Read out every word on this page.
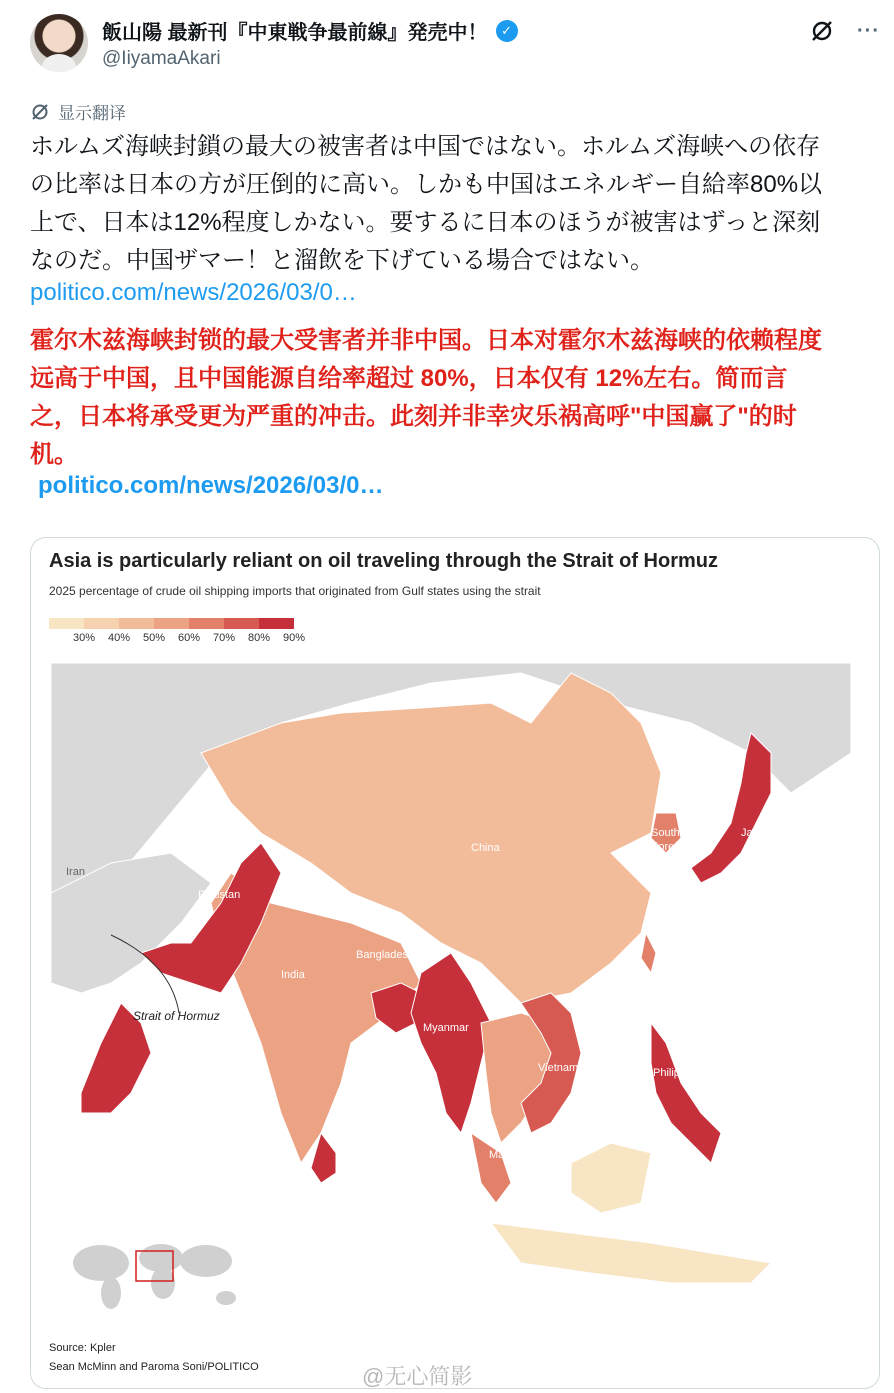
飯山陽 最新刊『中東戦争最前線』発売中！	✓
@IiyamaAkari
···
显示翻译
ホルムズ海峡封鎖の最大の被害者は中国ではない。ホルムズ海峡への依存
の比率は日本の方が圧倒的に高い。しかも中国はエネルギー自給率80%以
上で、日本は12%程度しかない。要するに日本のほうが被害はずっと深刻
なのだ。中国ザマー！と溜飲を下げている場合ではない。
politico.com/news/2026/03/0…
霍尔木兹海峡封锁的最大受害者并非中国。日本对霍尔木兹海峡的依赖程度
远高于中国，且中国能源自给率超过 80%，日本仅有 12%左右。简而言
之，日本将承受更为严重的冲击。此刻并非幸灾乐祸高呼"中国赢了"的时
机。
politico.com/news/2026/03/0…
Asia is particularly reliant on oil traveling through the Strait of Hormuz
2025 percentage of crude oil shipping imports that originated from Gulf states using the strait
30% 40% 50% 60% 70% 80% 90%
China
Japan
South
Korea
Iran
Pakistan
India
Bangladesh
Myanmar
Vietnam	Philippines
Malaysia
Strait of Hormuz
Source: Kpler
Sean McMinn and Paroma Soni/POLITICO	@无心简影
